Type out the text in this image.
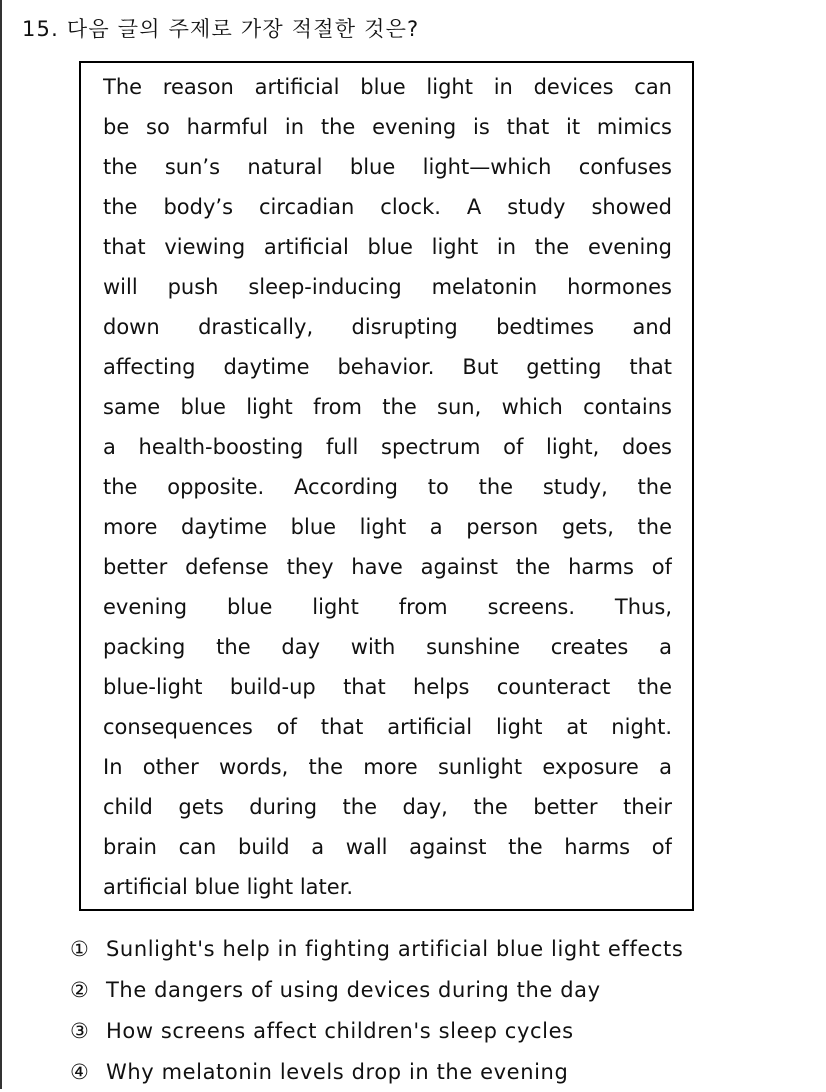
15. 다음 글의 주제로 가장 적절한 것은?
The reason artificial blue light in devices can
be so harmful in the evening is that it mimics
the sun’s natural blue light—which confuses
the body’s circadian clock. A study showed
that viewing artificial blue light in the evening
will push sleep-inducing melatonin hormones
down drastically, disrupting bedtimes and
affecting daytime behavior. But getting that
same blue light from the sun, which contains
a health-boosting full spectrum of light, does
the opposite. According to the study, the
more daytime blue light a person gets, the
better defense they have against the harms of
evening blue light from screens. Thus,
packing the day with sunshine creates a
blue-light build-up that helps counteract the
consequences of that artificial light at night.
In other words, the more sunlight exposure a
child gets during the day, the better their
brain can build a wall against the harms of
artificial blue light later.
① Sunlight's help in fighting artificial blue light effects
② The dangers of using devices during the day
③ How screens affect children's sleep cycles
④ Why melatonin levels drop in the evening
